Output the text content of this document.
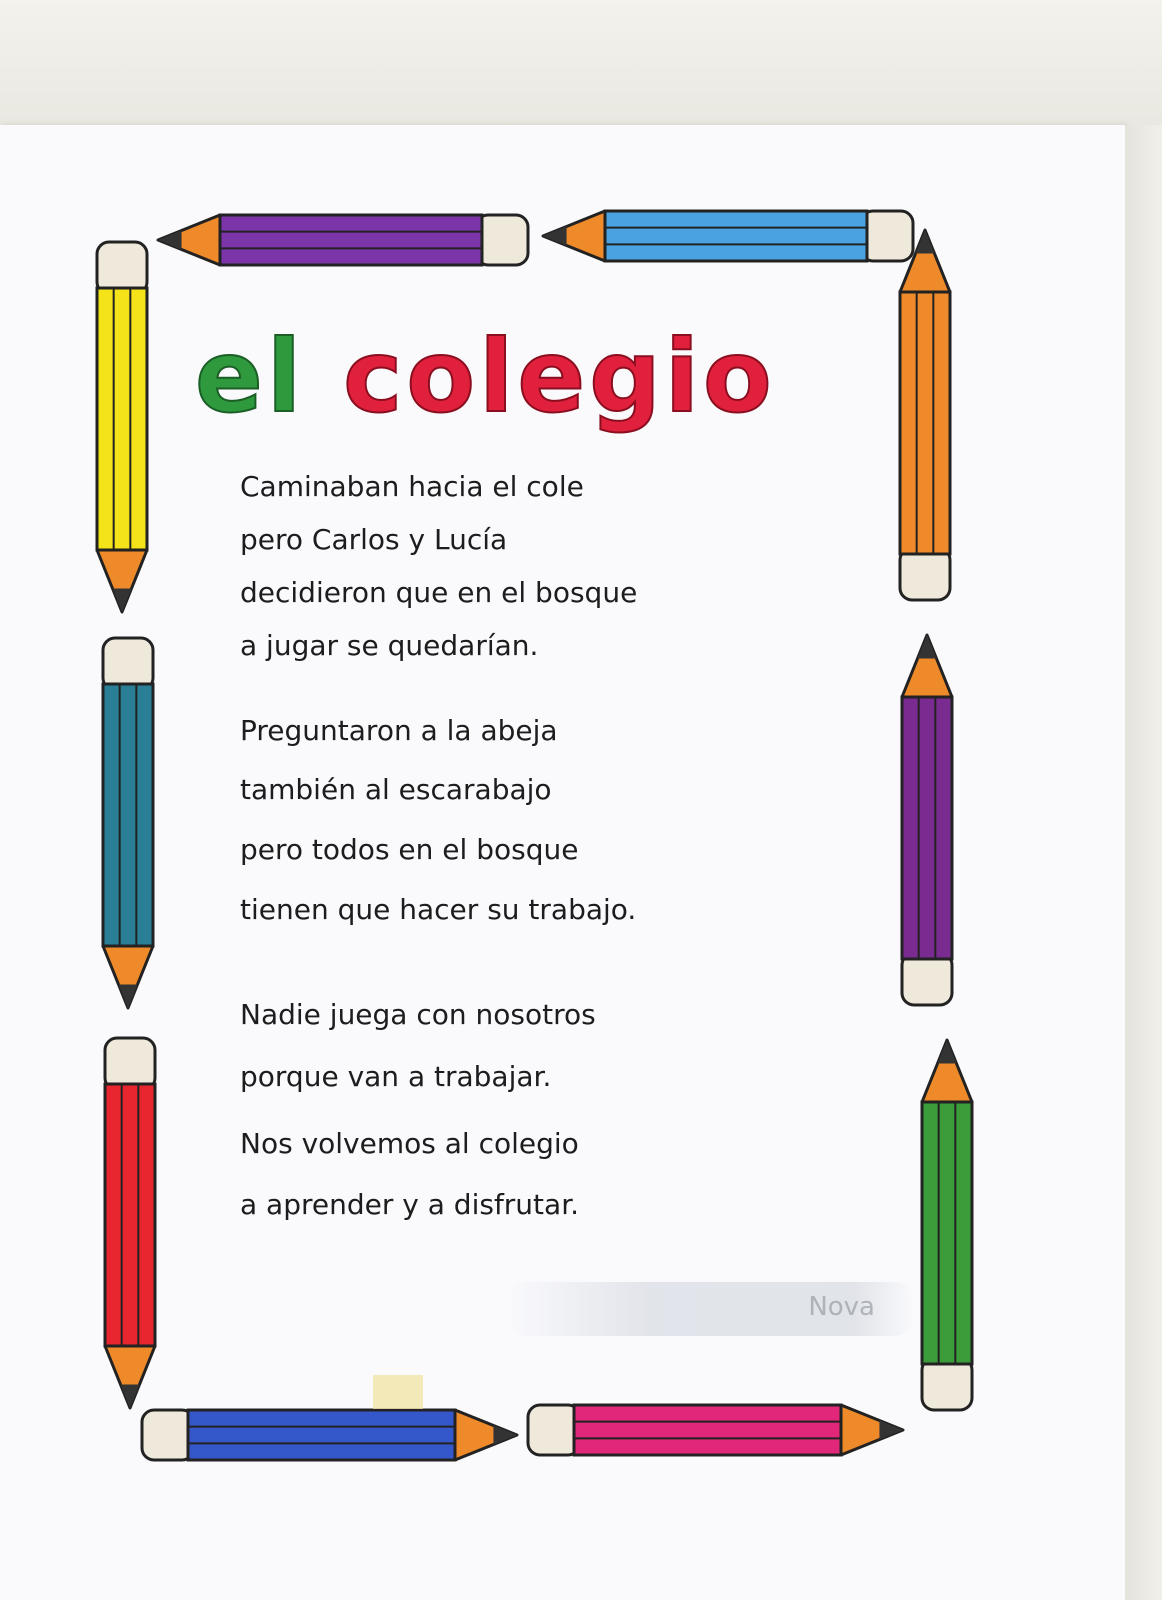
el colegio

Caminaban hacia el cole

pero Carlos y Lucía

decidieron que en el bosque

a jugar se quedarían.

Preguntaron a la abeja

también al escarabajo

pero todos en el bosque

tienen que hacer su trabajo.

Nadie juega con nosotros

porque van a trabajar.

Nos volvemos al colegio

a aprender y a disfrutar.

Nova
